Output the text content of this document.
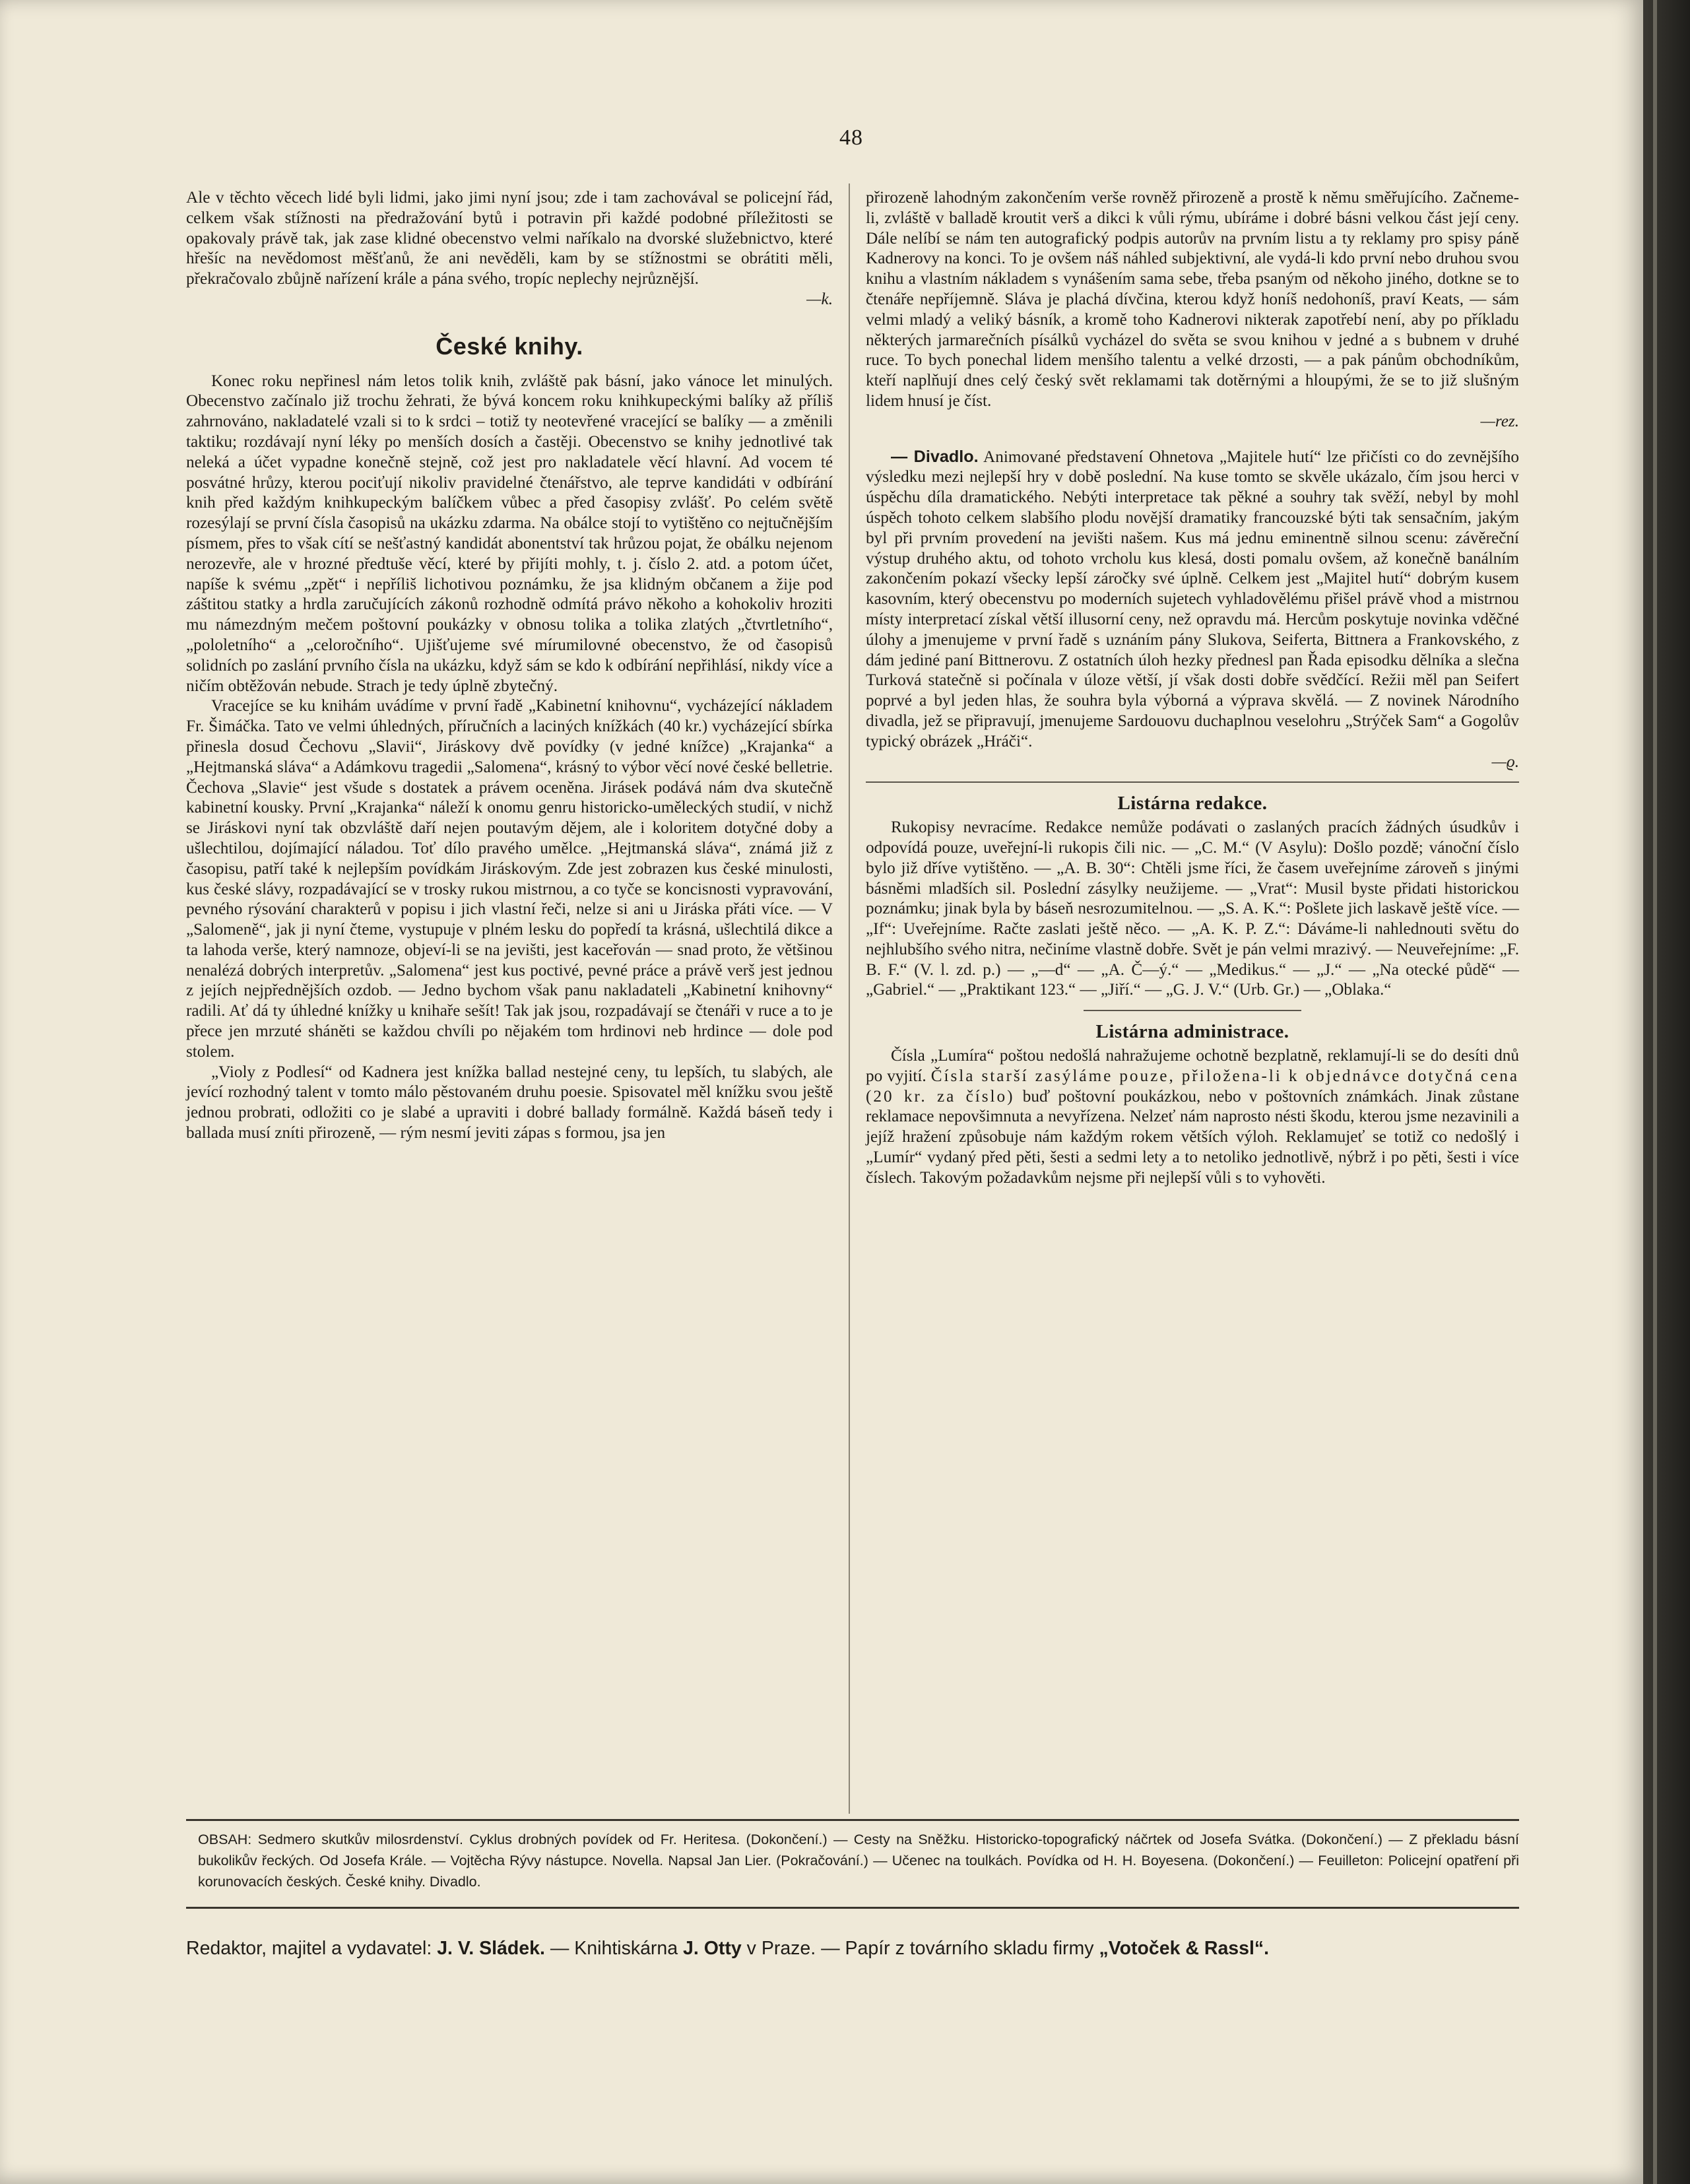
48

Ale v těchto věcech lidé byli lidmi, jako jimi nyní jsou; zde i tam zachovával se policejní řád, celkem však stížnosti na předražování bytů i potravin při každé podobné příležitosti se opakovaly právě tak, jak zase klidné obecenstvo velmi naříkalo na dvorské služebnictvo, které hřešíc na nevědomost měšťanů, že ani nevěděli, kam by se stížnostmi se obrátiti měli, překračovalo zbůjně nařízení krále a pána svého, tropíc neplechy nejrůznější.
—k.

České knihy.

Konec roku nepřinesl nám letos tolik knih, zvláště pak básní, jako vánoce let minulých. Obecenstvo začínalo již trochu žehrati, že bývá koncem roku knihkupeckými balíky až příliš zahrnováno, nakladatelé vzali si to k srdci – totiž ty neotevřené vracející se balíky — a změnili taktiku; rozdávají nyní léky po menších dosích a častěji. Obecenstvo se knihy jednotlivé tak neleká a účet vypadne konečně stejně, což jest pro nakladatele věcí hlavní. Ad vocem té posvátné hrůzy, kterou pociťují nikoliv pravidelné čtenářstvo, ale teprve kandidáti v odbírání knih před každým knihkupeckým balíčkem vůbec a před časopisy zvlášť. Po celém světě rozesýlají se první čísla časopisů na ukázku zdarma. Na obálce stojí to vytištěno co nejtučnějším písmem, přes to však cítí se nešťastný kandidát abonentství tak hrůzou pojat, že obálku nejenom nerozevře, ale v hrozné předtuše věcí, které by přijíti mohly, t. j. číslo 2. atd. a potom účet, napíše k svému „zpět“ i nepříliš lichotivou poznámku, že jsa klidným občanem a žije pod záštitou statky a hrdla zaručujících zákonů rozhodně odmítá právo někoho a kohokoliv hroziti mu námezdným mečem poštovní poukázky v obnosu tolika a tolika zlatých „čtvrtletního“, „pololetního“ a „celoročního“. Ujišťujeme své mírumilovné obecenstvo, že od časopisů solidních po zaslání prvního čísla na ukázku, když sám se kdo k odbírání nepřihlásí, nikdy více a ničím obtěžován nebude. Strach je tedy úplně zbytečný.

Vracejíce se ku knihám uvádíme v první řadě „Kabinetní knihovnu“, vycházející nákladem Fr. Šimáčka. Tato ve velmi úhledných, příručních a laciných knížkách (40 kr.) vycházející sbírka přinesla dosud Čechovu „Slavii“, Jiráskovy dvě povídky (v jedné knížce) „Krajanka“ a „Hejtmanská sláva“ a Adámkovu tragedii „Salomena“, krásný to výbor věcí nové české belletrie. Čechova „Slavie“ jest všude s dostatek a právem oceněna. Jirásek podává nám dva skutečně kabinetní kousky. První „Krajanka“ náleží k onomu genru historicko-uměleckých studií, v nichž se Jiráskovi nyní tak obzvláště daří nejen poutavým dějem, ale i koloritem dotyčné doby a ušlechtilou, dojímající náladou. Toť dílo pravého umělce. „Hejtmanská sláva“, známá již z časopisu, patří také k nejlepším povídkám Jiráskovým. Zde jest zobrazen kus české minulosti, kus české slávy, rozpadávající se v trosky rukou mistrnou, a co tyče se koncisnosti vypravování, pevného rýsování charakterů v popisu i jich vlastní řeči, nelze si ani u Jiráska přáti více. — V „Salomeně“, jak ji nyní čteme, vystupuje v plném lesku do popředí ta krásná, ušlechtilá dikce a ta lahoda verše, který namnoze, objeví-li se na jevišti, jest kaceřován — snad proto, že většinou nenalézá dobrých interpretův. „Salomena“ jest kus poctivé, pevné práce a právě verš jest jednou z jejích nejpřednějších ozdob. — Jedno bychom však panu nakladateli „Kabinetní knihovny“ radili. Ať dá ty úhledné knížky u knihaře sešít! Tak jak jsou, rozpadávají se čtenáři v ruce a to je přece jen mrzuté sháněti se každou chvíli po nějakém tom hrdinovi neb hrdince — dole pod stolem.

„Violy z Podlesí“ od Kadnera jest knížka ballad nestejné ceny, tu lepších, tu slabých, ale jevící rozhodný talent v tomto málo pěstovaném druhu poesie. Spisovatel měl knížku svou ještě jednou probrati, odložiti co je slabé a upraviti i dobré ballady formálně. Každá báseň tedy i ballada musí zníti přirozeně, — rým nesmí jeviti zápas s formou, jsa jen

přirozeně lahodným zakončením verše rovněž přirozeně a prostě k němu směřujícího. Začneme-li, zvláště v balladě kroutit verš a dikci k vůli rýmu, ubíráme i dobré básni velkou část její ceny. Dále nelíbí se nám ten autografický podpis autorův na prvním listu a ty reklamy pro spisy páně Kadnerovy na konci. To je ovšem náš náhled subjektivní, ale vydá-li kdo první nebo druhou svou knihu a vlastním nákladem s vynášením sama sebe, třeba psaným od někoho jiného, dotkne se to čtenáře nepříjemně. Sláva je plachá dívčina, kterou když honíš nedohoníš, praví Keats, — sám velmi mladý a veliký básník, a kromě toho Kadnerovi nikterak zapotřebí není, aby po příkladu některých jarmarečních písálků vycházel do světa se svou knihou v jedné a s bubnem v druhé ruce. To bych ponechal lidem menšího talentu a velké drzosti, — a pak pánům obchodníkům, kteří naplňují dnes celý český svět reklamami tak dotěrnými a hloupými, že se to již slušným lidem hnusí je číst.
—rez.

— Divadlo. Animované představení Ohnetova „Majitele hutí“ lze přičísti co do zevnějšího výsledku mezi nejlepší hry v době poslední. Na kuse tomto se skvěle ukázalo, čím jsou herci v úspěchu díla dramatického. Nebýti interpretace tak pěkné a souhry tak svěží, nebyl by mohl úspěch tohoto celkem slabšího plodu novější dramatiky francouzské býti tak sensačním, jakým byl při prvním provedení na jevišti našem. Kus má jednu eminentně silnou scenu: závěreční výstup druhého aktu, od tohoto vrcholu kus klesá, dosti pomalu ovšem, až konečně banálním zakončením pokazí všecky lepší záročky své úplně. Celkem jest „Majitel hutí“ dobrým kusem kasovním, který obecenstvu po moderních sujetech vyhladovělému přišel právě vhod a mistrnou místy interpretací získal větší illusorní ceny, než opravdu má. Hercům poskytuje novinka vděčné úlohy a jmenujeme v první řadě s uznáním pány Slukova, Seiferta, Bittnera a Frankovského, z dám jediné paní Bittnerovu. Z ostatních úloh hezky přednesl pan Řada episodku dělníka a slečna Turková statečně si počínala v úloze větší, jí však dosti dobře svědčící. Režii měl pan Seifert poprvé a byl jeden hlas, že souhra byla výborná a výprava skvělá. — Z novinek Národního divadla, jež se připravují, jmenujeme Sardouovu duchaplnou veselohru „Strýček Sam“ a Gogolův typický obrázek „Hráči“.
—ϱ.

Listárna redakce.

Rukopisy nevracíme. Redakce nemůže podávati o zaslaných pracích žádných úsudkův i odpovídá pouze, uveřejní-li rukopis čili nic. — „C. M.“ (V Asylu): Došlo pozdě; vánoční číslo bylo již dříve vytištěno. — „A. B. 30“: Chtěli jsme říci, že časem uveřejníme zároveň s jinými básněmi mladších sil. Poslední zásylky neužijeme. — „Vrat“: Musil byste přidati historickou poznámku; jinak byla by báseň nesrozumitelnou. — „S. A. K.“: Pošlete jich laskavě ještě více. — „If“: Uveřejníme. Račte zaslati ještě něco. — „A. K. P. Z.“: Dáváme-li nahlednouti světu do nejhlubšího svého nitra, nečiníme vlastně dobře. Svět je pán velmi mrazivý. — Neuveřejníme: „F. B. F.“ (V. l. zd. p.) — „—d“ — „A. Č—ý.“ — „Medikus.“ — „J.“ — „Na otecké půdě“ — „Gabriel.“ — „Praktikant 123.“ — „Jiří.“ — „G. J. V.“ (Urb. Gr.) — „Oblaka.“

Listárna administrace.

Čísla „Lumíra“ poštou nedošlá nahražujeme ochotně bezplatně, reklamují-li se do desíti dnů po vyjití. Čísla starší zasýláme pouze, přiložena-li k objednávce dotyčná cena (20 kr. za číslo) buď poštovní poukázkou, nebo v poštovních známkách. Jinak zůstane reklamace nepovšimnuta a nevyřízena. Nelzeť nám naprosto nésti škodu, kterou jsme nezavinili a jejíž hražení způsobuje nám každým rokem větších výloh. Reklamujeť se totiž co nedošlý i „Lumír“ vydaný před pěti, šesti a sedmi lety a to netoliko jednotlivě, nýbrž i po pěti, šesti i více číslech. Takovým požadavkům nejsme při nejlepší vůli s to vyhověti.

OBSAH: Sedmero skutkův milosrdenství. Cyklus drobných povídek od Fr. Heritesa. (Dokončení.) — Cesty na Sněžku. Historicko-topografický náčrtek od Josefa Svátka. (Dokončení.) — Z překladu básní bukolikův řeckých. Od Josefa Krále. — Vojtěcha Rývy nástupce. Novella. Napsal Jan Lier. (Pokračování.) — Učenec na toulkách. Povídka od H. H. Boyesena. (Dokončení.) — Feuilleton: Policejní opatření při korunovacích českých. České knihy. Divadlo.
Redaktor, majitel a vydavatel: J. V. Sládek. — Knihtiskárna J. Otty v Praze. — Papír z továrního skladu firmy „Votoček & Rassl“.
